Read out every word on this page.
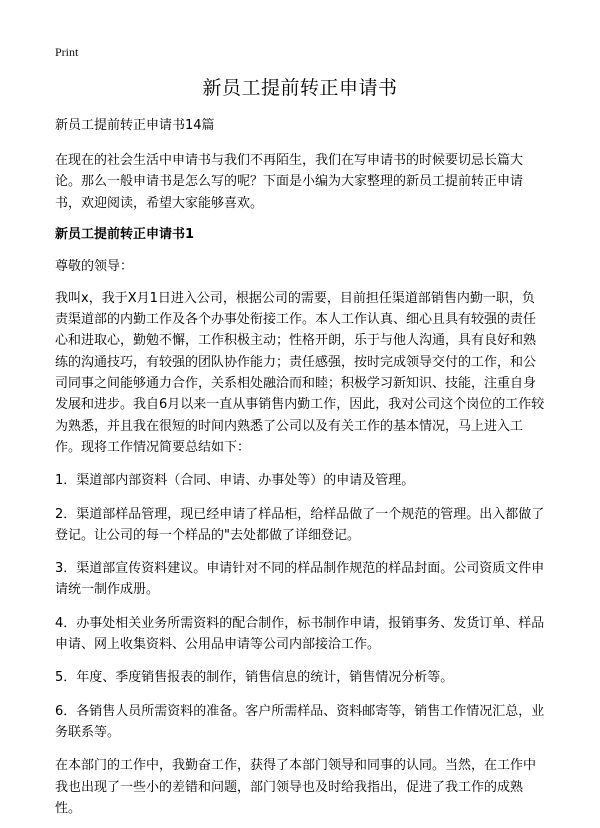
Print
新员工提前转正申请书

新员工提前转正申请书14篇

在现在的社会生活中申请书与我们不再陌生，我们在写申请书的时候要切忌长篇大论。那么一般申请书是怎么写的呢？下面是小编为大家整理的新员工提前转正申请书，欢迎阅读，希望大家能够喜欢。

新员工提前转正申请书1

尊敬的领导：

我叫x，我于X月1日进入公司，根据公司的需要，目前担任渠道部销售内勤一职，负责渠道部的内勤工作及各个办事处衔接工作。本人工作认真、细心且具有较强的责任心和进取心，勤勉不懈，工作积极主动；性格开朗，乐于与他人沟通，具有良好和熟练的沟通技巧，有较强的团队协作能力；责任感强，按时完成领导交付的工作，和公司同事之间能够通力合作，关系相处融洽而和睦；积极学习新知识、技能，注重自身发展和进步。我自6月以来一直从事销售内勤工作，因此，我对公司这个岗位的工作较为熟悉，并且我在很短的时间内熟悉了公司以及有关工作的基本情况，马上进入工作。现将工作情况简要总结如下：

1．渠道部内部资料（合同、申请、办事处等）的申请及管理。

2．渠道部样品管理，现已经申请了样品柜，给样品做了一个规范的管理。出入都做了登记。让公司的每一个样品的"去处都做了详细登记。

3．渠道部宣传资料建议。申请针对不同的样品制作规范的样品封面。公司资质文件申请统一制作成册。

4．办事处相关业务所需资料的配合制作，标书制作申请，报销事务、发货订单、样品申请、网上收集资料、公用品申请等公司内部接洽工作。

5．年度、季度销售报表的制作，销售信息的统计，销售情况分析等。

6．各销售人员所需资料的准备。客户所需样品、资料邮寄等，销售工作情况汇总，业务联系等。

在本部门的工作中，我勤奋工作，获得了本部门领导和同事的认同。当然，在工作中我也出现了一些小的差错和问题，部门领导也及时给我指出，促进了我工作的成熟性。
